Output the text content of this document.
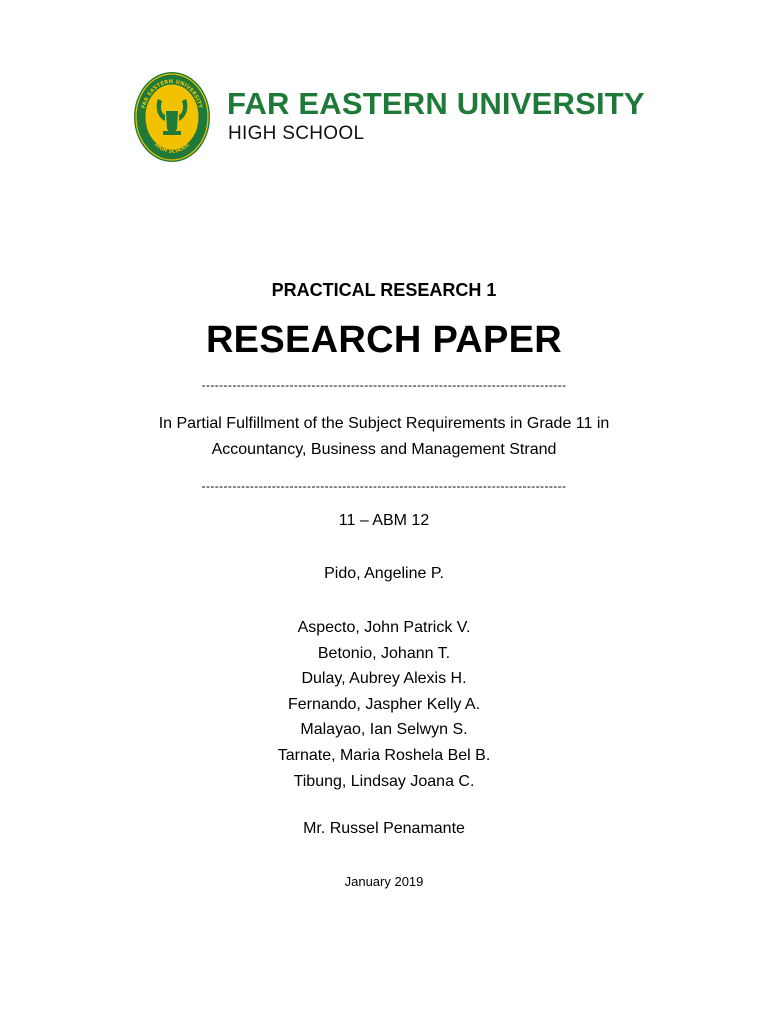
FAR EASTERN UNIVERSITY
HIGH SCHOOL
FAR EASTERN UNIVERSITY
HIGH SCHOOL
PRACTICAL RESEARCH 1
RESEARCH PAPER
-----------------------------------------------------------------------------------
In Partial Fulfillment of the Subject Requirements in Grade 11 in
Accountancy, Business and Management Strand
-----------------------------------------------------------------------------------
11 – ABM 12
Pido, Angeline P.
Aspecto, John Patrick V.
Betonio, Johann T.
Dulay, Aubrey Alexis H.
Fernando, Jaspher Kelly A.
Malayao, Ian Selwyn S.
Tarnate, Maria Roshela Bel B.
Tibung, Lindsay Joana C.
Mr. Russel Penamante
January 2019
